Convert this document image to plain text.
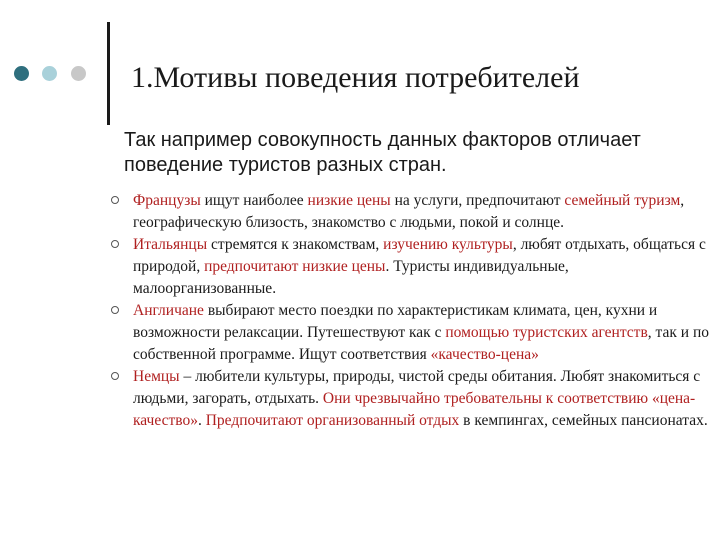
1.Мотивы поведения потребителей
Так например совокупность данных факторов отличает поведение туристов разных стран.
Французы ищут наиболее низкие цены на услуги, предпочитают семейный туризм, географическую близость, знакомство с людьми, покой и солнце.
Итальянцы стремятся к знакомствам, изучению культуры, любят отдыхать, общаться с природой, предпочитают низкие цены. Туристы индивидуальные, малоорганизованные.
Англичане выбирают место поездки по характеристикам климата, цен, кухни и возможности релаксации. Путешествуют как с помощью туристских агентств, так и по собственной программе. Ищут соответствия «качество-цена»
Немцы – любители культуры, природы, чистой среды обитания. Любят знакомиться с людьми, загорать, отдыхать. Они чрезвычайно требовательны к соответствию «цена-качество». Предпочитают организованный отдых в кемпингах, семейных пансионатах.
